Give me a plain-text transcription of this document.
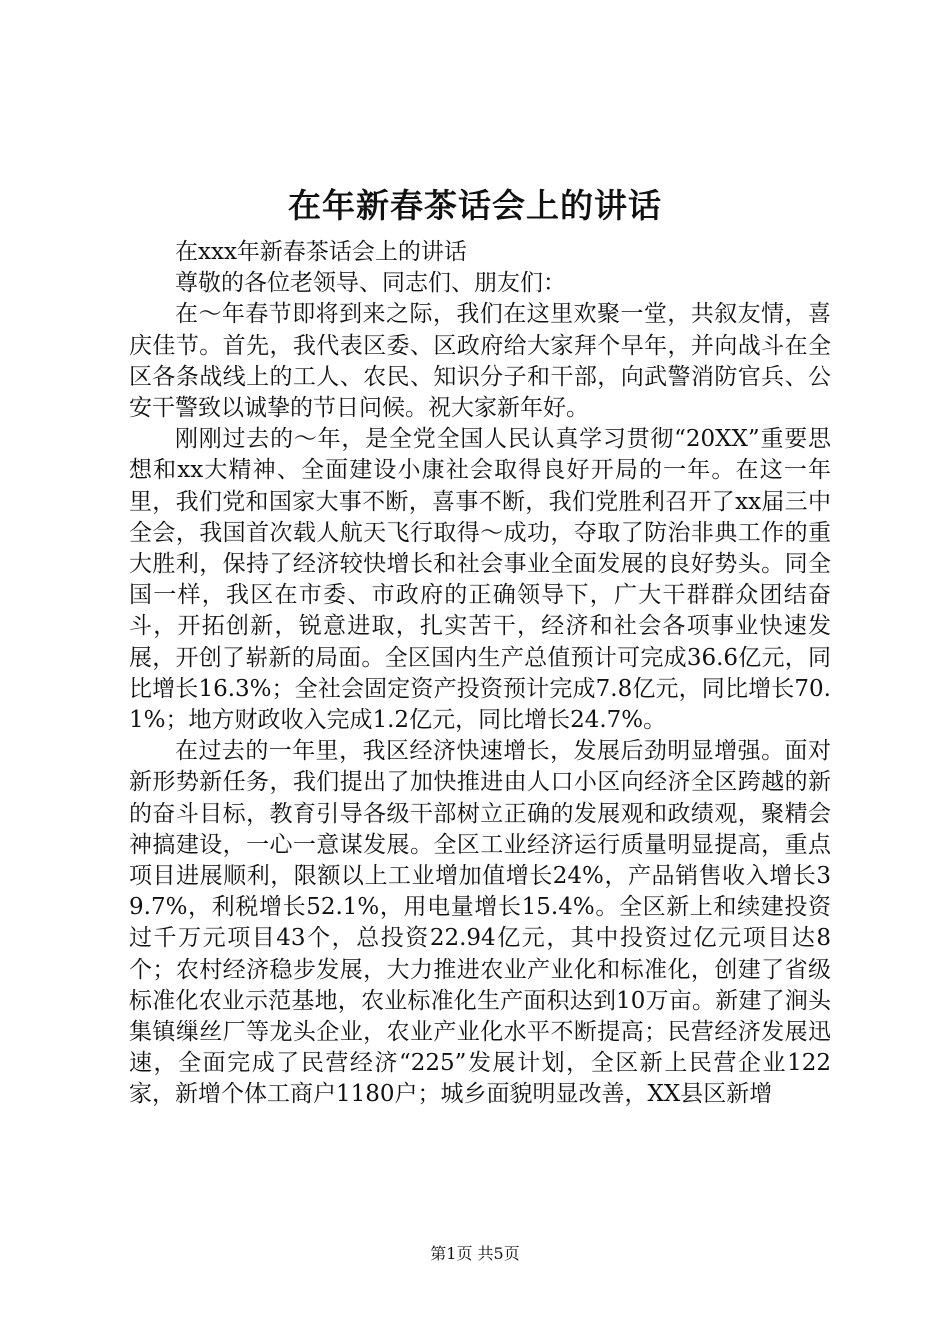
在年新春茶话会上的讲话

在xxx年新春茶话会上的讲话

尊敬的各位老领导、同志们、朋友们：

在～年春节即将到来之际，我们在这里欢聚一堂，共叙友情，喜庆佳节。首先，我代表区委、区政府给大家拜个早年，并向战斗在全区各条战线上的工人、农民、知识分子和干部，向武警消防官兵、公安干警致以诚挚的节日问候。祝大家新年好。

刚刚过去的～年，是全党全国人民认真学习贯彻“20XX”重要思想和xx大精神、全面建设小康社会取得良好开局的一年。在这一年里，我们党和国家大事不断，喜事不断，我们党胜利召开了xx届三中全会，我国首次载人航天飞行取得～成功，夺取了防治非典工作的重大胜利，保持了经济较快增长和社会事业全面发展的良好势头。同全国一样，我区在市委、市政府的正确领导下，广大干群群众团结奋斗，开拓创新，锐意进取，扎实苦干，经济和社会各项事业快速发展，开创了崭新的局面。全区国内生产总值预计可完成36.6亿元，同比增长16.3%；全社会固定资产投资预计完成7.8亿元，同比增长70.1%；地方财政收入完成1.2亿元，同比增长24.7%。

在过去的一年里，我区经济快速增长，发展后劲明显增强。面对新形势新任务，我们提出了加快推进由人口小区向经济全区跨越的新的奋斗目标，教育引导各级干部树立正确的发展观和政绩观，聚精会神搞建设，一心一意谋发展。全区工业经济运行质量明显提高，重点项目进展顺利，限额以上工业增加值增长24%，产品销售收入增长39.7%，利税增长52.1%，用电量增长15.4%。全区新上和续建投资过千万元项目43个，总投资22.94亿元，其中投资过亿元项目达8个；农村经济稳步发展，大力推进农业产业化和标准化，创建了省级标准化农业示范基地，农业标准化生产面积达到10万亩。新建了涧头集镇缫丝厂等龙头企业，农业产业化水平不断提高；民营经济发展迅速，全面完成了民营经济“225”发展计划，全区新上民营企业122家，新增个体工商户1180户；城乡面貌明显改善，XX县区新增

第1页 共5页
